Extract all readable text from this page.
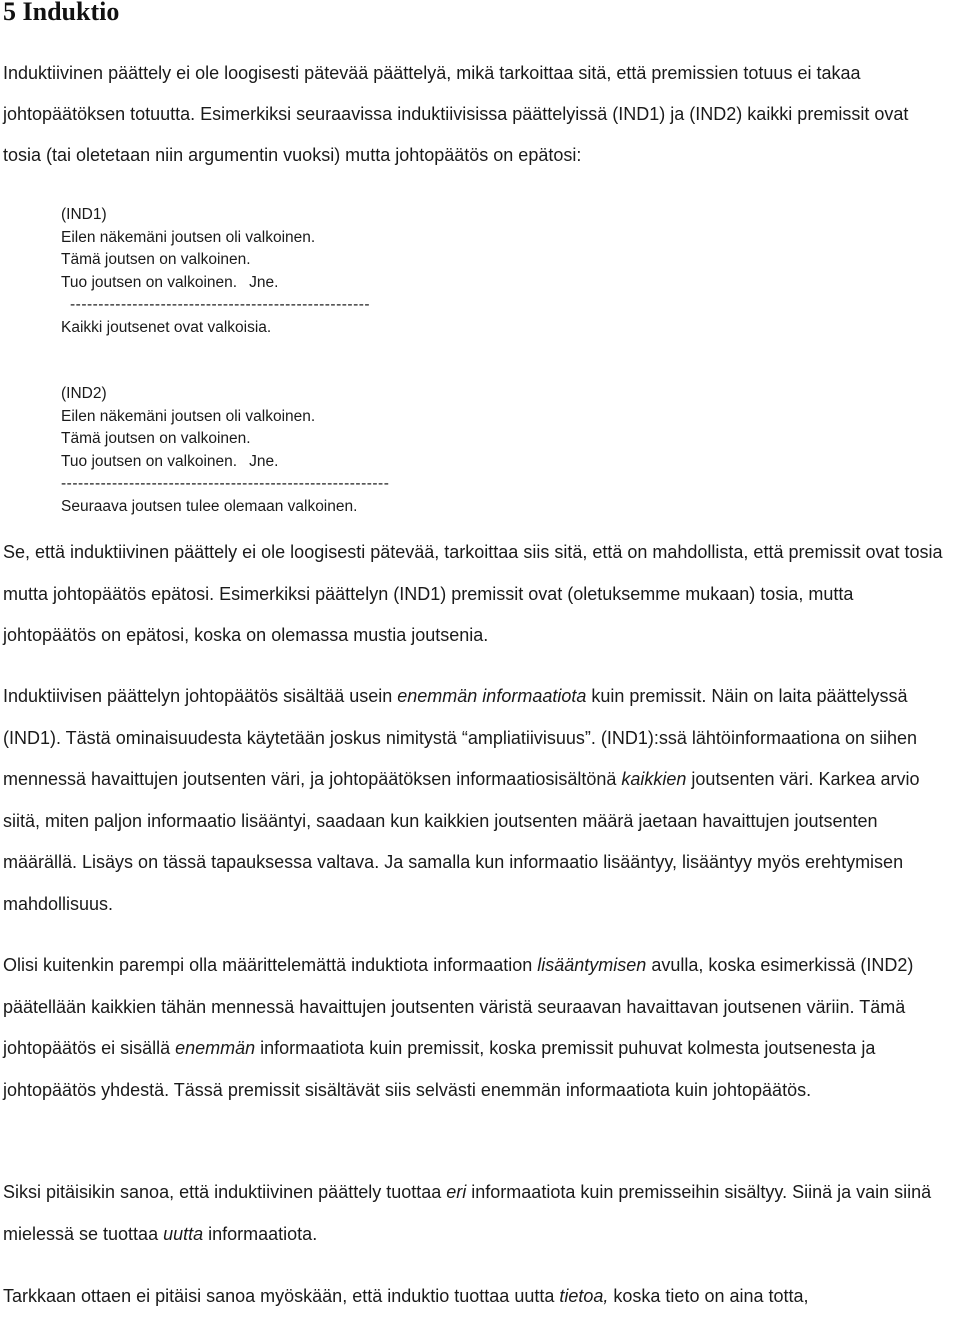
5 Induktio

Induktiivinen päättely ei ole loogisesti pätevää päättelyä, mikä tarkoittaa sitä, että premissien totuus ei takaa johtopäätöksen totuutta. Esimerkiksi seuraavissa induktiivisissa päättelyissä (IND1) ja (IND2) kaikki premissit ovat tosia (tai oletetaan niin argumentin vuoksi) mutta johtopäätös on epätosi:

(IND1)
Eilen näkemäni joutsen oli valkoinen.
Tämä joutsen on valkoinen.
Tuo joutsen on valkoinen. Jne.
-----------------------------------------------------
Kaikki joutsenet ovat valkoisia.
(IND2)
Eilen näkemäni joutsen oli valkoinen.
Tämä joutsen on valkoinen.
Tuo joutsen on valkoinen. Jne.
----------------------------------------------------------
Seuraava joutsen tulee olemaan valkoinen.

Se, että induktiivinen päättely ei ole loogisesti pätevää, tarkoittaa siis sitä, että on mahdollista, että premissit ovat tosia mutta johtopäätös epätosi. Esimerkiksi päättelyn (IND1) premissit ovat (oletuksemme mukaan) tosia, mutta johtopäätös on epätosi, koska on olemassa mustia joutsenia.

Induktiivisen päättelyn johtopäätös sisältää usein enemmän informaatiota kuin premissit. Näin on laita päättelyssä (IND1). Tästä ominaisuudesta käytetään joskus nimitystä “ampliatiivisuus”. (IND1):ssä lähtöinformaationa on siihen mennessä havaittujen joutsenten väri, ja johtopäätöksen informaatiosisältönä kaikkien joutsenten väri. Karkea arvio siitä, miten paljon informaatio lisääntyi, saadaan kun kaikkien joutsenten määrä jaetaan havaittujen joutsenten määrällä. Lisäys on tässä tapauksessa valtava. Ja samalla kun informaatio lisääntyy, lisääntyy myös erehtymisen mahdollisuus.

Olisi kuitenkin parempi olla määrittelemättä induktiota informaation lisääntymisen avulla, koska esimerkissä (IND2) päätellään kaikkien tähän mennessä havaittujen joutsenten väristä seuraavan havaittavan joutsenen väriin. Tämäjohtopäätös ei sisällä enemmän informaatiota kuin premissit, koska premissit puhuvat kolmesta joutsenesta ja johtopäätös yhdestä. Tässä premissit sisältävät siis selvästi enemmän informaatiota kuin johtopäätös.

Siksi pitäisikin sanoa, että induktiivinen päättely tuottaa eri informaatiota kuin premisseihin sisältyy. Siinä ja vain siinä mielessä se tuottaa uutta informaatiota.

Tarkkaan ottaen ei pitäisi sanoa myöskään, että induktio tuottaa uutta tietoa, koska tieto on aina totta,
